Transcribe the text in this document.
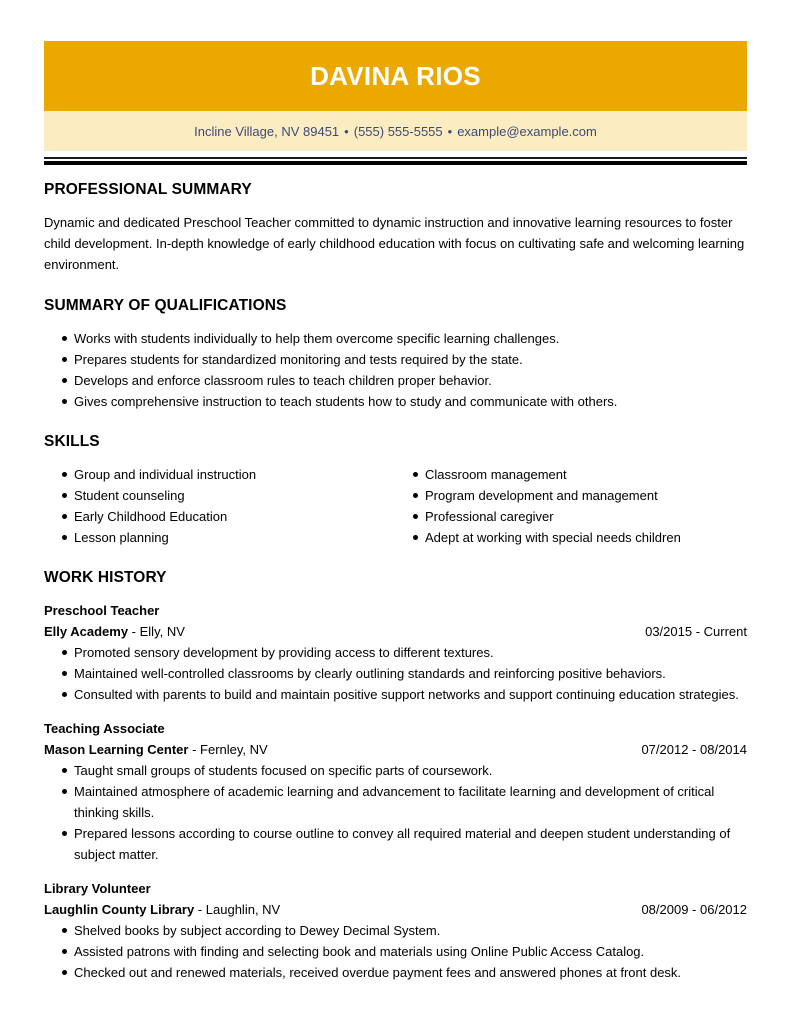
DAVINA RIOS
Incline Village, NV 89451 • (555) 555-5555 • example@example.com
PROFESSIONAL SUMMARY

Dynamic and dedicated Preschool Teacher committed to dynamic instruction and innovative learning resources to foster child development. In-depth knowledge of early childhood education with focus on cultivating safe and welcoming learning environment.

SUMMARY OF QUALIFICATIONS
Works with students individually to help them overcome specific learning challenges.
Prepares students for standardized monitoring and tests required by the state.
Develops and enforce classroom rules to teach children proper behavior.
Gives comprehensive instruction to teach students how to study and communicate with others.
SKILLS
Group and individual instruction
Student counseling
Early Childhood Education
Lesson planning
Classroom management
Program development and management
Professional caregiver
Adept at working with special needs children
WORK HISTORY
Preschool Teacher
Elly Academy - Elly, NV	03/2015 - Current
Promoted sensory development by providing access to different textures.
Maintained well-controlled classrooms by clearly outlining standards and reinforcing positive behaviors.
Consulted with parents to build and maintain positive support networks and support continuing education strategies.
Teaching Associate
Mason Learning Center - Fernley, NV	07/2012 - 08/2014
Taught small groups of students focused on specific parts of coursework.
Maintained atmosphere of academic learning and advancement to facilitate learning and development of critical thinking skills.
Prepared lessons according to course outline to convey all required material and deepen student understanding of subject matter.
Library Volunteer
Laughlin County Library - Laughlin, NV	08/2009 - 06/2012
Shelved books by subject according to Dewey Decimal System.
Assisted patrons with finding and selecting book and materials using Online Public Access Catalog.
Checked out and renewed materials, received overdue payment fees and answered phones at front desk.
